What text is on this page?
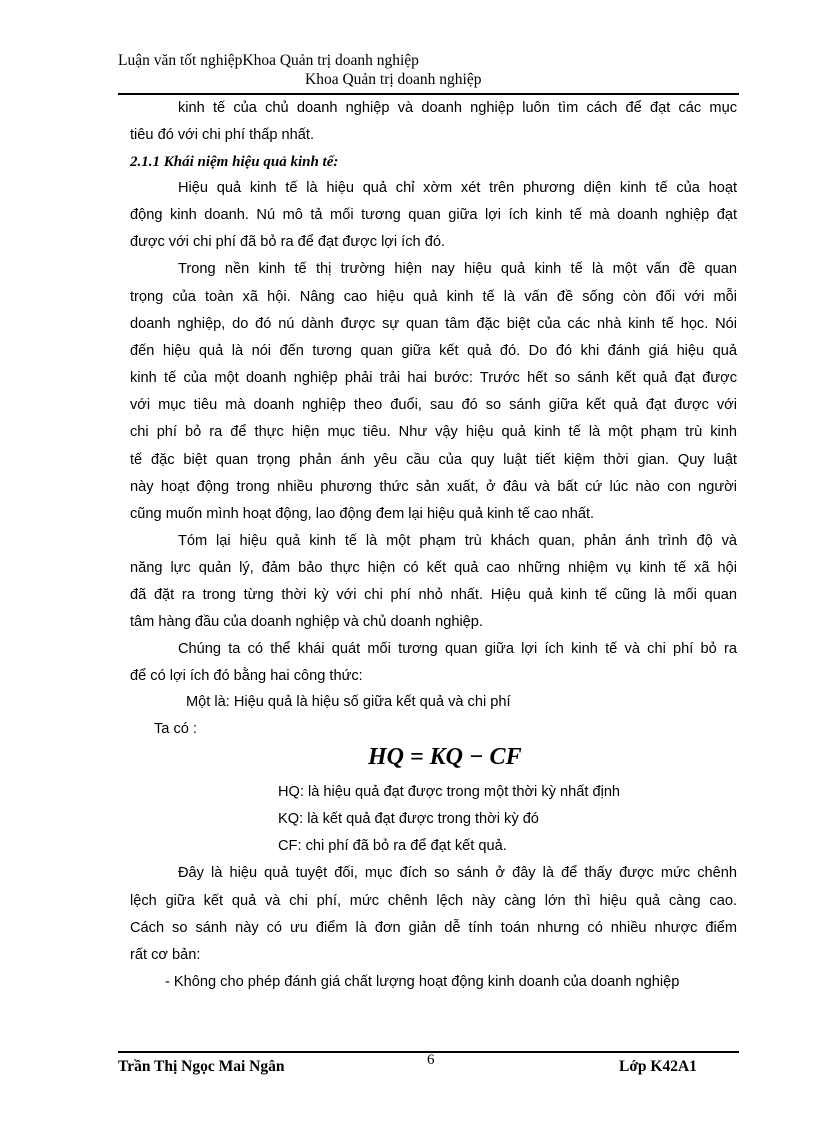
Luận văn tốt nghiệpKhoa Quản trị doanh nghiệp
Khoa Quản trị doanh nghiệp
kinh tế của chủ doanh nghiệp và doanh nghiệp luôn tìm cách để đạt các mục
tiêu đó với chi phí thấp nhất.
2.1.1 Khái niệm hiệu quả kinh tế:
Hiệu quả kinh tế là hiệu quả chỉ xờm xét trên phương diện kinh tế của hoạt
động kinh doanh. Nú mô tả mối tương quan giữa lợi ích kinh tế mà doanh nghiệp đạt
được với chi phí đã bỏ ra để đạt được lợi ích đó.
Trong nền kinh tế thị trường hiện nay hiệu quả kinh tế là một vấn đề quan
trọng của toàn xã hội. Nâng cao hiệu quả kinh tế là vấn đề sống còn đối với mỗi
doanh nghiệp, do đó nú dành được sự quan tâm đặc biệt của các nhà kinh tế học. Nói
đến hiệu quả là nói đến tương quan giữa kết quả đó. Do đó khi đánh giá hiệu quả
kinh tế của một doanh nghiệp phải trải hai bước: Trước hết so sánh kết quả đạt được
với mục tiêu mà doanh nghiệp theo đuổi, sau đó so sánh giữa kết quả đạt được với
chi phí bỏ ra để thực hiện mục tiêu. Như vậy hiệu quả kinh tế là một phạm trù kinh
tế đặc biệt quan trọng phản ánh yêu cầu của quy luật tiết kiệm thời gian. Quy luật
này hoạt động trong nhiều phương thức sản xuất, ở đâu và bất cứ lúc nào con người
cũng muốn mình hoạt động, lao động đem lại hiệu quả kinh tế cao nhất.
Tóm lại hiệu quả kinh tế là một phạm trù khách quan, phản ánh trình độ và
năng lực quản lý, đảm bảo thực hiện có kết quả cao những nhiệm vụ kinh tế xã hội
đã đặt ra trong từng thời kỳ với chi phí nhỏ nhất. Hiệu quả kinh tế cũng là mối quan
tâm hàng đầu của doanh nghiệp và chủ doanh nghiệp.
Chúng ta có thể khái quát mối tương quan giữa lợi ích kinh tế và chi phí bỏ ra
để có lợi ích đó bằng hai công thức:
Một là: Hiệu quả là hiệu số giữa kết quả và chi phí
Ta có :
HQ = KQ − CF
HQ: là hiệu quả đạt được trong một thời kỳ nhất định
KQ: là kết quả đạt được trong thời kỳ đó
CF: chi phí đã bỏ ra để đạt kết quả.
Đây là hiệu quả tuyệt đối, mục đích so sánh ở đây là để thấy được mức chênh
lệch giữa kết quả và chi phí, mức chênh lệch này càng lớn thì hiệu quả càng cao.
Cách so sánh này có ưu điểm là đơn giản dễ tính toán nhưng có nhiều nhược điểm
rất cơ bản:
- Không cho phép đánh giá chất lượng hoạt động kinh doanh của doanh nghiệp
Trần Thị Ngọc Mai Ngân	6	Lớp K42A1
